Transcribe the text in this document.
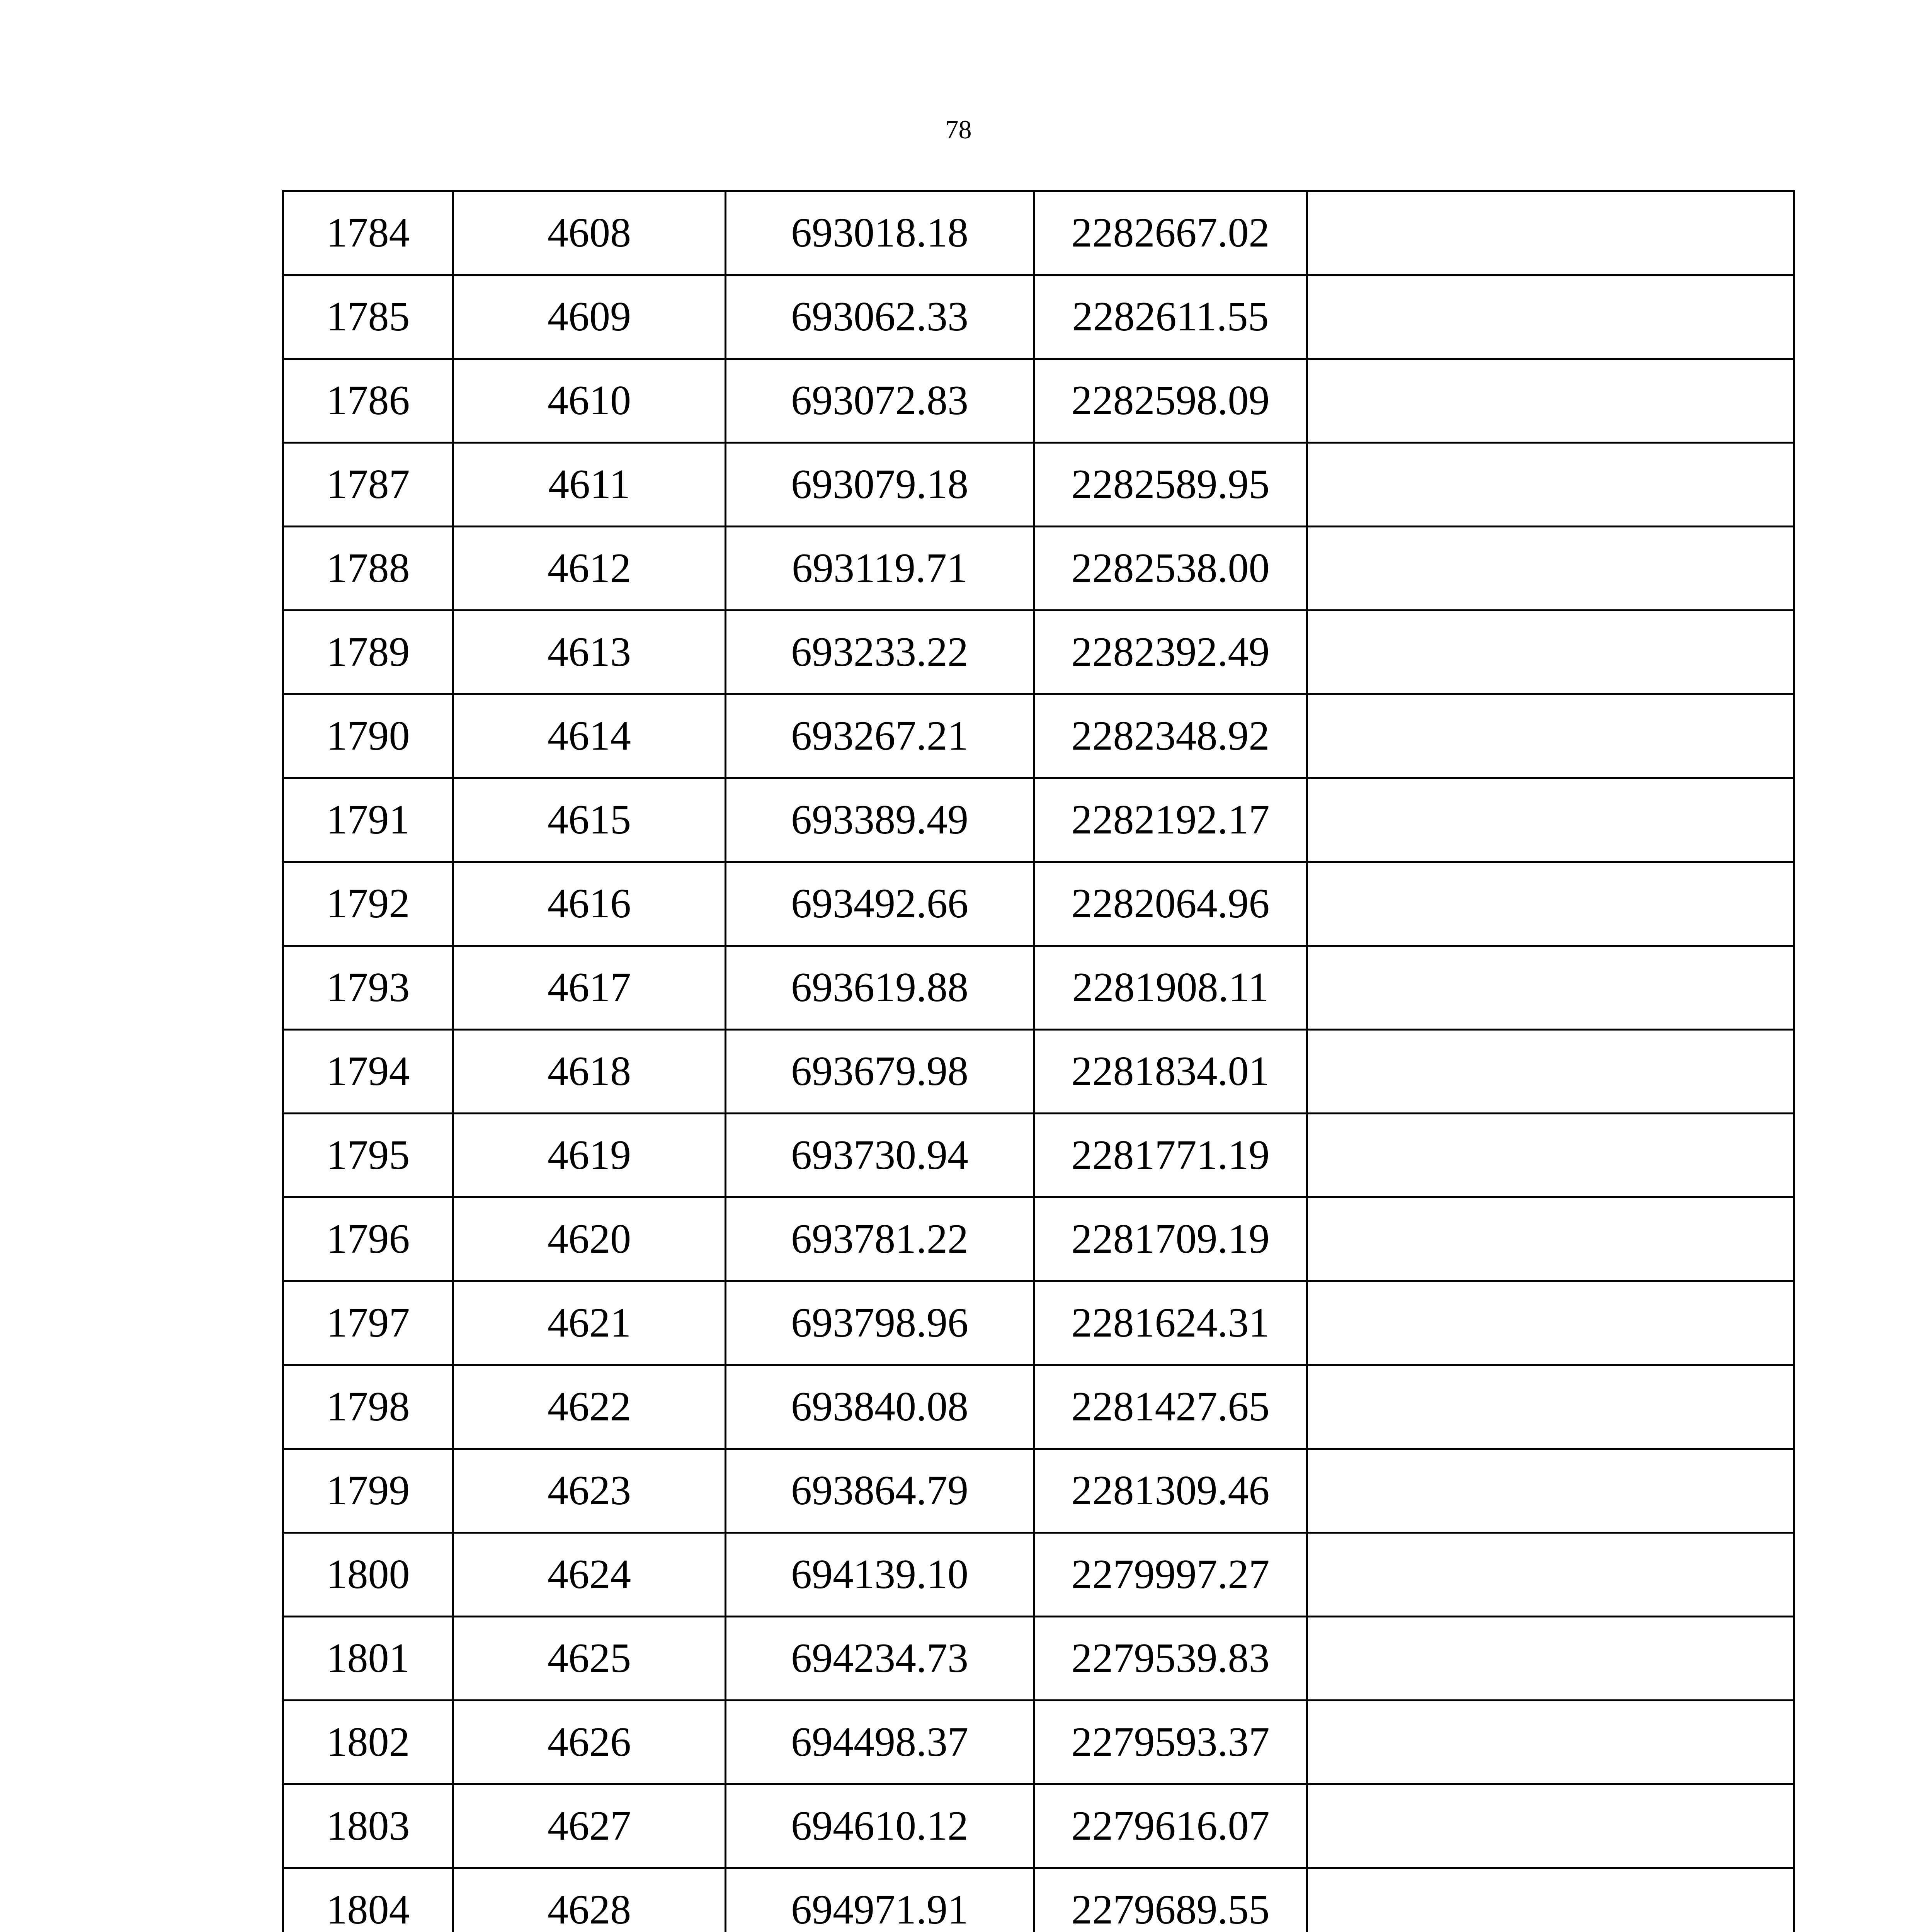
78
1784	4608	693018.18	2282667.02	
1785	4609	693062.33	2282611.55	
1786	4610	693072.83	2282598.09	
1787	4611	693079.18	2282589.95	
1788	4612	693119.71	2282538.00	
1789	4613	693233.22	2282392.49	
1790	4614	693267.21	2282348.92	
1791	4615	693389.49	2282192.17	
1792	4616	693492.66	2282064.96	
1793	4617	693619.88	2281908.11	
1794	4618	693679.98	2281834.01	
1795	4619	693730.94	2281771.19	
1796	4620	693781.22	2281709.19	
1797	4621	693798.96	2281624.31	
1798	4622	693840.08	2281427.65	
1799	4623	693864.79	2281309.46	
1800	4624	694139.10	2279997.27	
1801	4625	694234.73	2279539.83	
1802	4626	694498.37	2279593.37	
1803	4627	694610.12	2279616.07	
1804	4628	694971.91	2279689.55	
